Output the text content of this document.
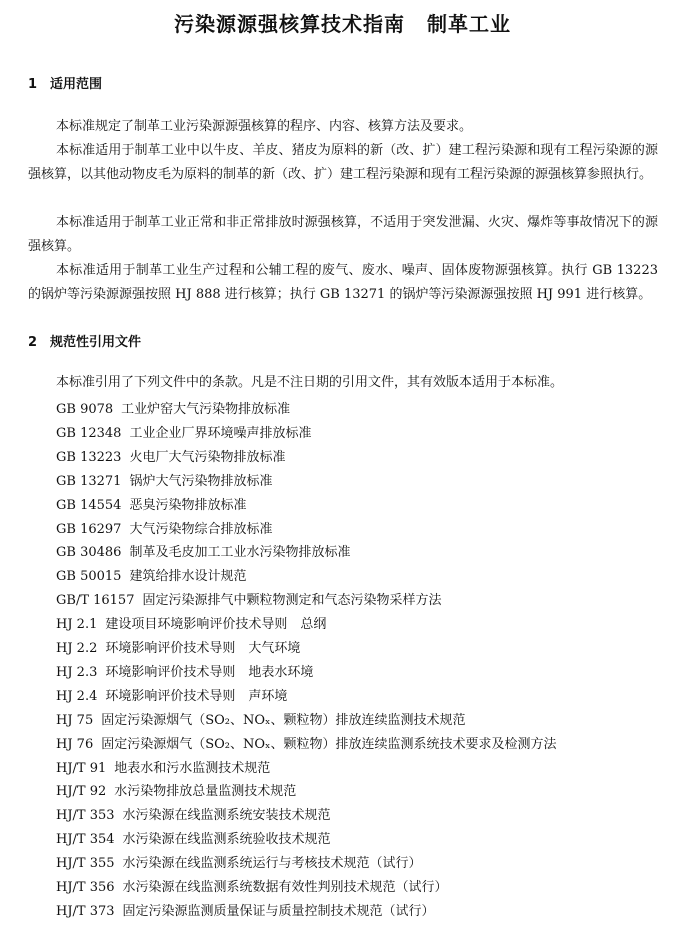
污染源源强核算技术指南 制革工业
1 适用范围
本标准规定了制革工业污染源源强核算的程序、内容、核算方法及要求。
本标准适用于制革工业中以牛皮、羊皮、猪皮为原料的新（改、扩）建工程污染源和现有工程污染源的源强核算，以其他动物皮毛为原料的制革的新（改、扩）建工程污染源和现有工程污染源的源强核算参照执行。
本标准适用于制革工业正常和非正常排放时源强核算，不适用于突发泄漏、火灾、爆炸等事故情况下的源强核算。
本标准适用于制革工业生产过程和公辅工程的废气、废水、噪声、固体废物源强核算。执行 GB 13223 的锅炉等污染源源强按照 HJ 888 进行核算；执行 GB 13271 的锅炉等污染源源强按照 HJ 991 进行核算。
2 规范性引用文件
本标准引用了下列文件中的条款。凡是不注日期的引用文件，其有效版本适用于本标准。
GB 9078 工业炉窑大气污染物排放标准
GB 12348 工业企业厂界环境噪声排放标准
GB 13223 火电厂大气污染物排放标准
GB 13271 锅炉大气污染物排放标准
GB 14554 恶臭污染物排放标准
GB 16297 大气污染物综合排放标准
GB 30486 制革及毛皮加工工业水污染物排放标准
GB 50015 建筑给排水设计规范
GB/T 16157 固定污染源排气中颗粒物测定和气态污染物采样方法
HJ 2.1 建设项目环境影响评价技术导则　总纲
HJ 2.2 环境影响评价技术导则　大气环境
HJ 2.3 环境影响评价技术导则　地表水环境
HJ 2.4 环境影响评价技术导则　声环境
HJ 75 固定污染源烟气（SO₂、NOₓ、颗粒物）排放连续监测技术规范
HJ 76 固定污染源烟气（SO₂、NOₓ、颗粒物）排放连续监测系统技术要求及检测方法
HJ/T 91 地表水和污水监测技术规范
HJ/T 92 水污染物排放总量监测技术规范
HJ/T 353 水污染源在线监测系统安装技术规范
HJ/T 354 水污染源在线监测系统验收技术规范
HJ/T 355 水污染源在线监测系统运行与考核技术规范（试行）
HJ/T 356 水污染源在线监测系统数据有效性判别技术规范（试行）
HJ/T 373 固定污染源监测质量保证与质量控制技术规范（试行）
